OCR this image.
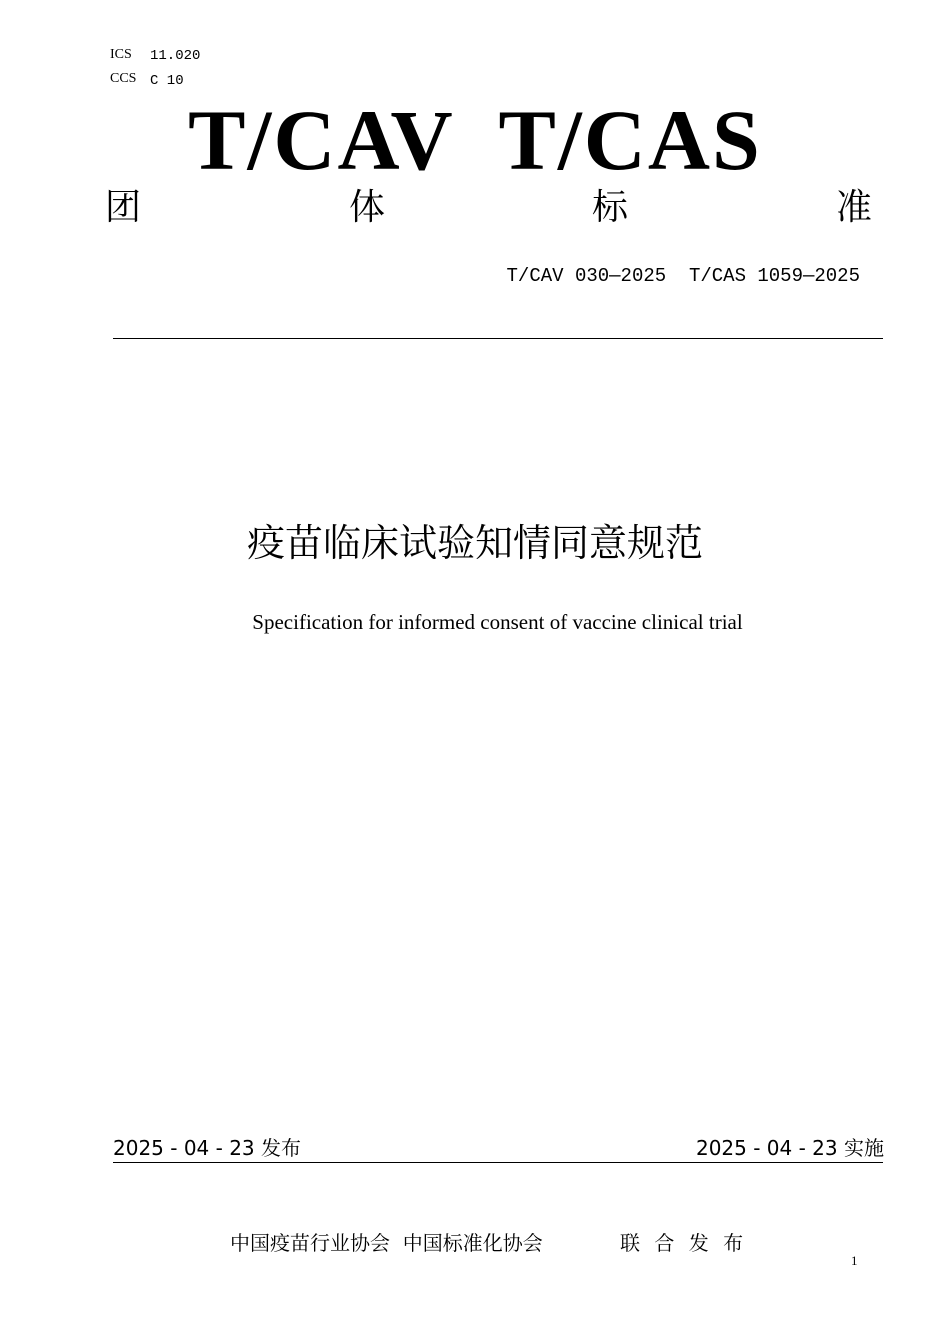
ICS 11.020
CCS C 10
T/CAV  T/CAS
团	体	标	准
T/CAV 030—2025  T/CAS 1059—2025
疫苗临床试验知情同意规范
Specification for informed consent of vaccine clinical trial
2025 - 04 - 23 发布	2025 - 04 - 23 实施
中国疫苗行业协会  中国标准化协会	联 合 发 布
1
